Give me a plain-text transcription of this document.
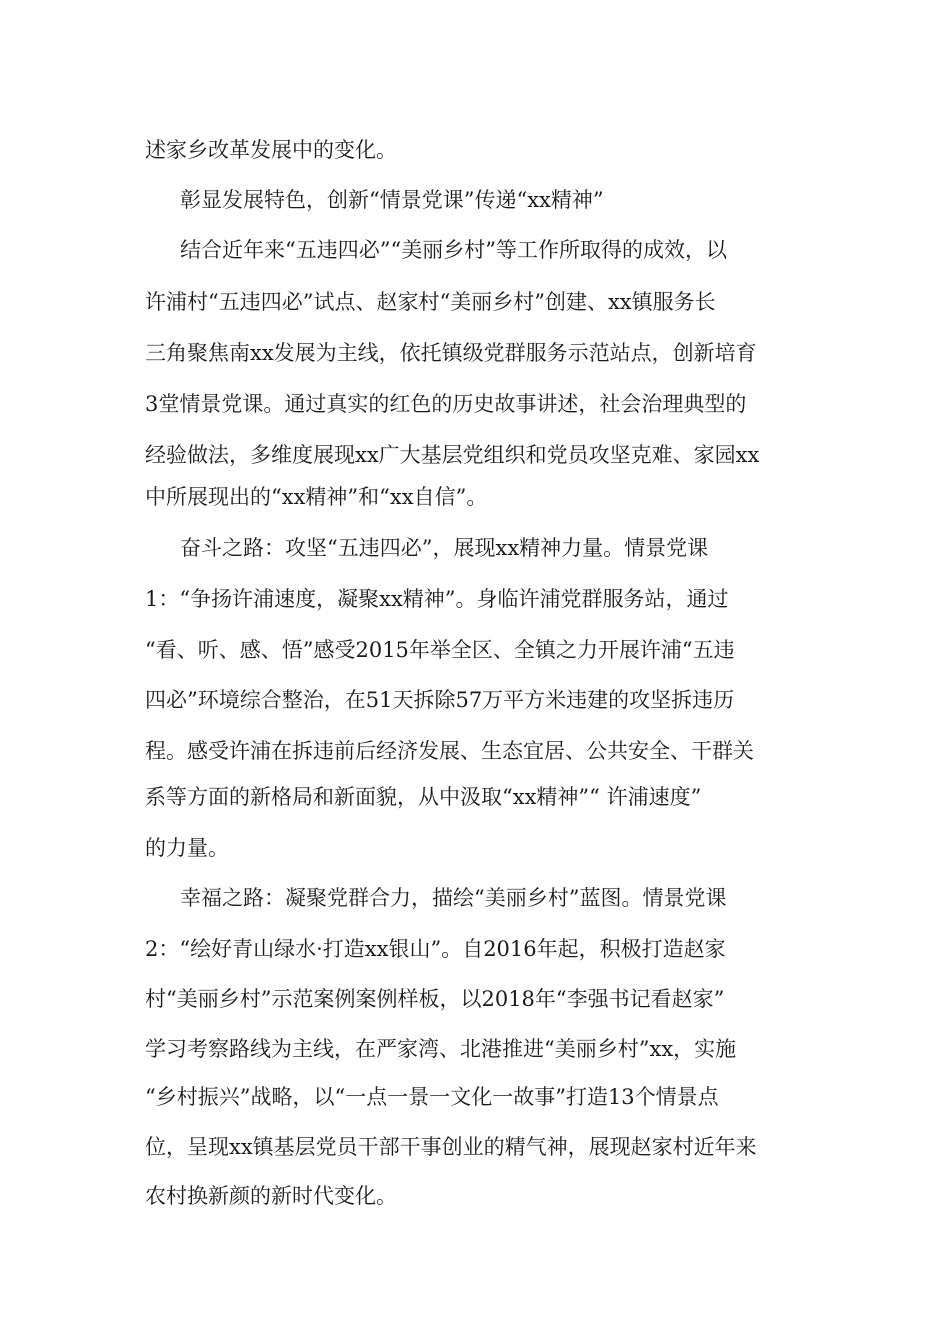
述家乡改革发展中的变化。

彰显发展特色，创新“情景党课”传递“xx精神”

结合近年来“五违四必”“美丽乡村”等工作所取得的成效，以

许浦村“五违四必”试点、赵家村“美丽乡村”创建、xx镇服务长

三角聚焦南xx发展为主线，依托镇级党群服务示范站点，创新培育

3堂情景党课。通过真实的红色的历史故事讲述，社会治理典型的

经验做法，多维度展现xx广大基层党组织和党员攻坚克难、家园xx

中所展现出的“xx精神”和“xx自信”。

奋斗之路：攻坚“五违四必”，展现xx精神力量。情景党课

1：“争扬许浦速度，凝聚xx精神”。身临许浦党群服务站，通过

“看、听、感、悟”感受2015年举全区、全镇之力开展许浦“五违

四必”环境综合整治，在51天拆除57万平方米违建的攻坚拆违历

程。感受许浦在拆违前后经济发展、生态宜居、公共安全、干群关

系等方面的新格局和新面貌，从中汲取“xx精神”“ 许浦速度”

的力量。

幸福之路：凝聚党群合力，描绘“美丽乡村”蓝图。情景党课

2：“绘好青山绿水·打造xx银山”。自2016年起，积极打造赵家

村“美丽乡村”示范案例案例样板，以2018年“李强书记看赵家”

学习考察路线为主线，在严家湾、北港推进“美丽乡村”xx，实施

“乡村振兴”战略，以“一点一景一文化一故事”打造13个情景点

位，呈现xx镇基层党员干部干事创业的精气神，展现赵家村近年来

农村换新颜的新时代变化。
